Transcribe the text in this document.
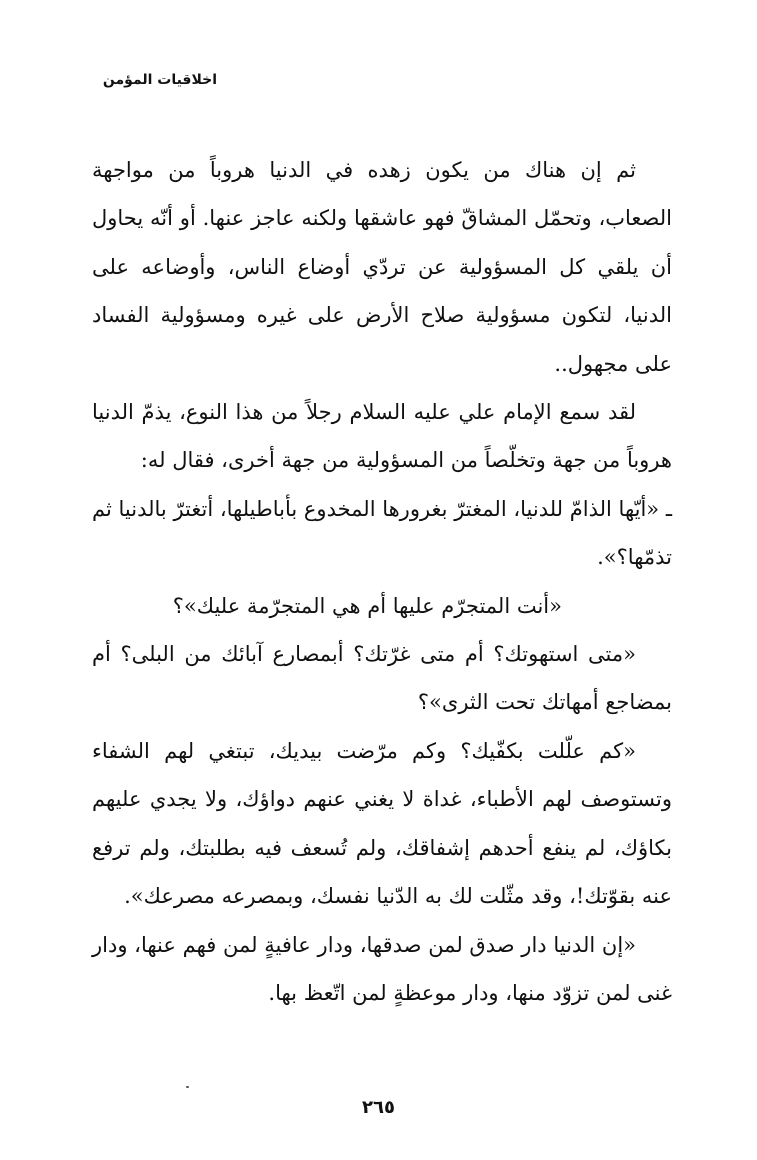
اخلاقيات المؤمن

ثم إن هناك من يكون زهده في الدنيا هروباً من مواجهة الصعاب، وتحمّل المشاقّ فهو عاشقها ولكنه عاجز عنها. أو أنّه يحاول أن يلقي كل المسؤولية عن تردّي أوضاع الناس، وأوضاعه على الدنيا، لتكون مسؤولية صلاح الأرض على غيره ومسؤولية الفساد على مجهول..

لقد سمع الإمام علي عليه السلام رجلاً من هذا النوع، يذمّ الدنيا هروباً من جهة وتخلّصاً من المسؤولية من جهة أخرى، فقال له:

ـ «أيّها الذامّ للدنيا، المغترّ بغرورها المخدوع بأباطيلها، أتغترّ بالدنيا ثم تذمّها؟».

«أنت المتجرّم عليها أم هي المتجرّمة عليك»؟

«متى استهوتك؟ أم متى غرّتك؟ أبمصارع آبائك من البلى؟ أم بمضاجع أمهاتك تحت الثرى»؟

«كم علّلت بكفّيك؟ وكم مرّضت بيديك، تبتغي لهم الشفاء وتستوصف لهم الأطباء، غداة لا يغني عنهم دواؤك، ولا يجدي عليهم بكاؤك، لم ينفع أحدهم إشفاقك، ولم تُسعف فيه بطلبتك، ولم ترفع عنه بقوّتك!، وقد مثّلت لك به الدّنيا نفسك، وبمصرعه مصرعك».

«إن الدنيا دار صدق لمن صدقها، ودار عافيةٍ لمن فهم عنها، ودار غنى لمن تزوّد منها، ودار موعظةٍ لمن اتّعظ بها.

٢٦٥
